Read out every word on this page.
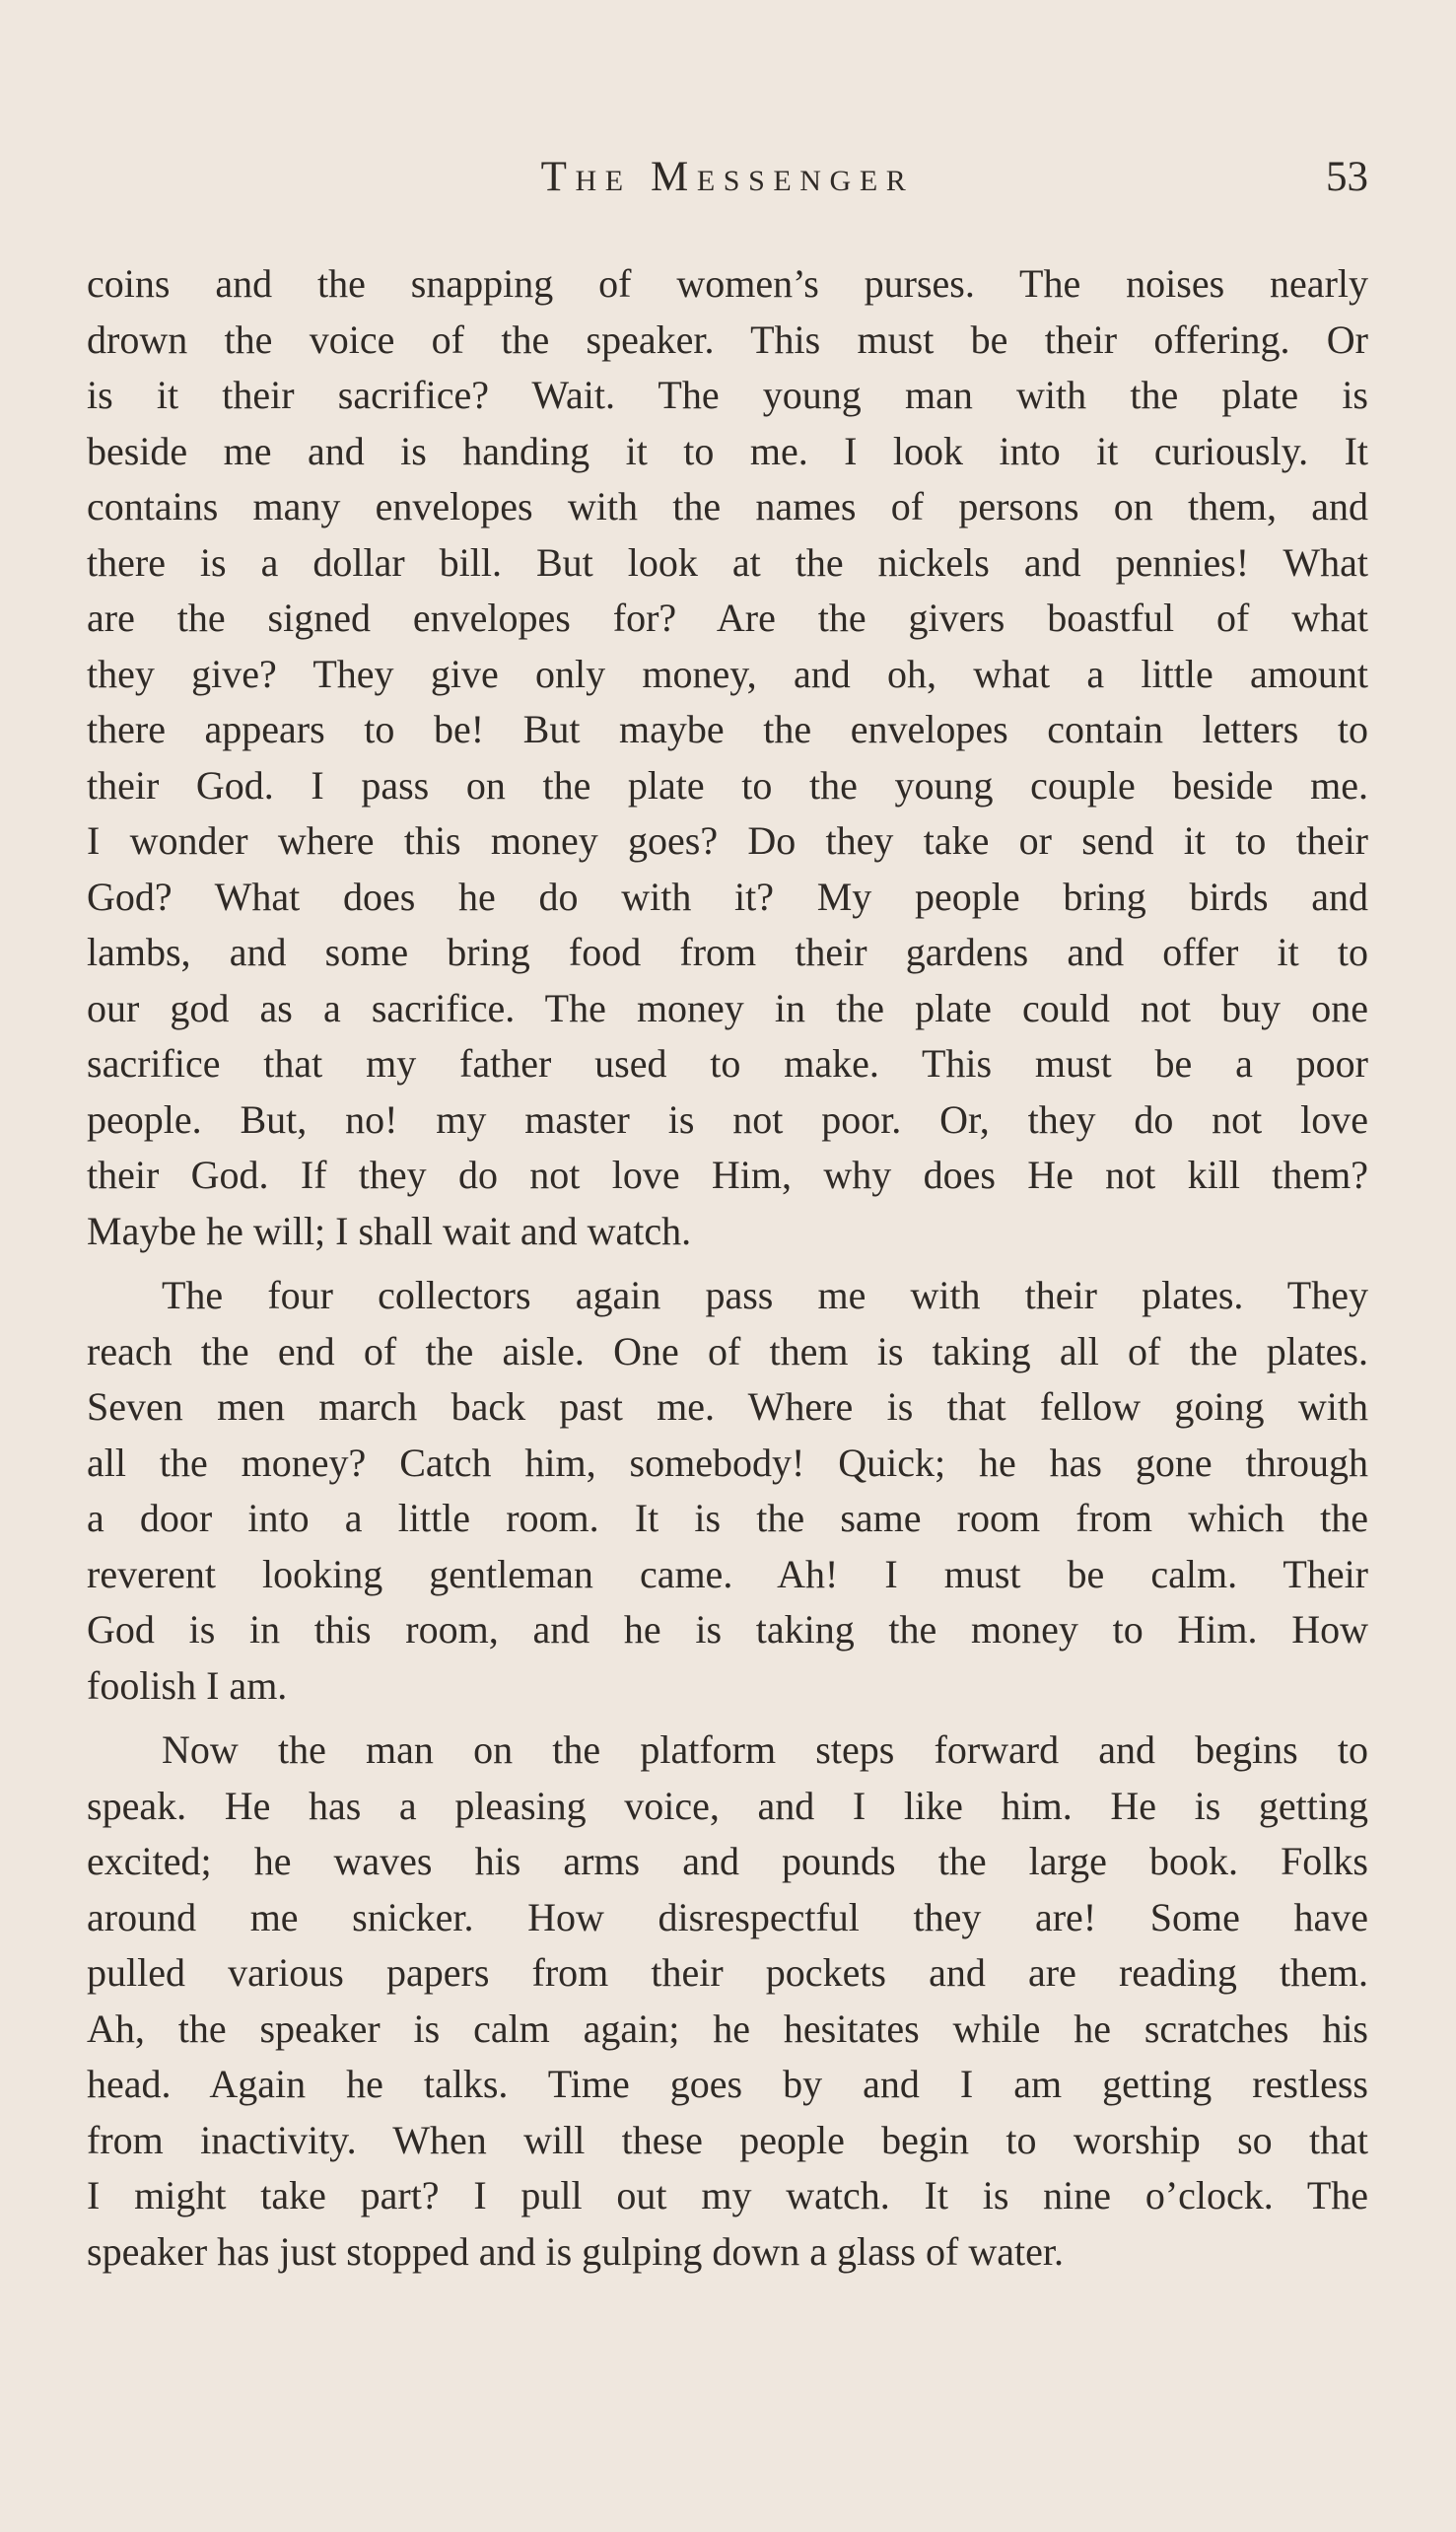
The Messenger	53
coins and the snapping of women’s purses. The noises nearly
drown the voice of the speaker. This must be their offering. Or
is it their sacrifice? Wait. The young man with the plate is
beside me and is handing it to me. I look into it curiously. It
contains many envelopes with the names of persons on them, and
there is a dollar bill. But look at the nickels and pennies! What
are the signed envelopes for? Are the givers boastful of what
they give? They give only money, and oh, what a little amount
there appears to be! But maybe the envelopes contain letters to
their God. I pass on the plate to the young couple beside me.
I wonder where this money goes? Do they take or send it to their
God? What does he do with it? My people bring birds and
lambs, and some bring food from their gardens and offer it to
our god as a sacrifice. The money in the plate could not buy one
sacrifice that my father used to make. This must be a poor
people. But, no! my master is not poor. Or, they do not love
their God. If they do not love Him, why does He not kill them?
Maybe he will; I shall wait and watch.
The four collectors again pass me with their plates. They
reach the end of the aisle. One of them is taking all of the plates.
Seven men march back past me. Where is that fellow going with
all the money? Catch him, somebody! Quick; he has gone through
a door into a little room. It is the same room from which the
reverent looking gentleman came. Ah! I must be calm. Their
God is in this room, and he is taking the money to Him. How
foolish I am.
Now the man on the platform steps forward and begins to
speak. He has a pleasing voice, and I like him. He is getting
excited; he waves his arms and pounds the large book. Folks
around me snicker. How disrespectful they are! Some have
pulled various papers from their pockets and are reading them.
Ah, the speaker is calm again; he hesitates while he scratches his
head. Again he talks. Time goes by and I am getting restless
from inactivity. When will these people begin to worship so that
I might take part? I pull out my watch. It is nine o’clock. The
speaker has just stopped and is gulping down a glass of water.
